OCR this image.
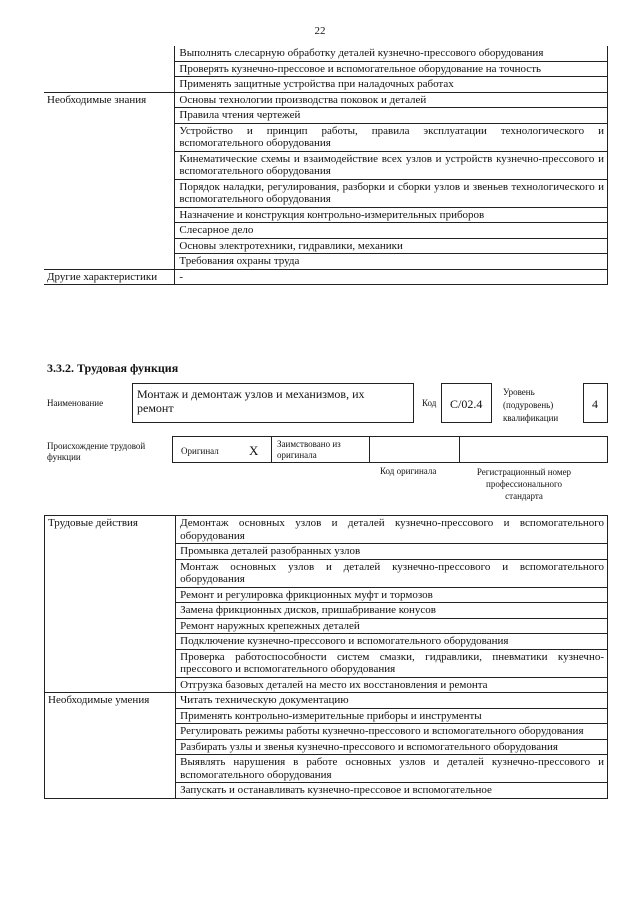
22
	Выполнять слесарную обработку деталей кузнечно-прессового оборудования
	Проверять кузнечно-прессовое и вспомогательное оборудование на точность
	Применять защитные устройства при наладочных работах
Необходимые знания	Основы технологии производства поковок и деталей
	Правила чтения чертежей
	Устройство и принцип работы, правила эксплуатации технологического и вспомогательного оборудования
	Кинематические схемы и взаимодействие всех узлов и устройств кузнечно-прессового и вспомогательного оборудования
	Порядок наладки, регулирования, разборки и сборки узлов и звеньев технологического и вспомогательного оборудования
	Назначение и конструкция контрольно-измерительных приборов
	Слесарное дело
	Основы электротехники, гидравлики, механики
	Требования охраны труда
Другие характеристики	-
3.3.2. Трудовая функция
Наименование
Монтаж и демонтаж узлов и механизмов, их ремонт	Код C/02.4
Уровень (подуровень) квалификации
4
Происхождение трудовой функции
Оригинал X Заимствовано из оригинала
Код оригинала	Регистрационный номер профессионального стандарта
Трудовые действия	Демонтаж основных узлов и деталей кузнечно-прессового и вспомогательного оборудования
	Промывка деталей разобранных узлов
	Монтаж основных узлов и деталей кузнечно-прессового и вспомогательного оборудования
	Ремонт и регулировка фрикционных муфт и тормозов
	Замена фрикционных дисков, пришабривание конусов
	Ремонт наружных крепежных деталей
	Подключение кузнечно-прессового и вспомогательного оборудования
	Проверка работоспособности систем смазки, гидравлики, пневматики кузнечно-прессового и вспомогательного оборудования
	Отгрузка базовых деталей на место их восстановления и ремонта
Необходимые умения	Читать техническую документацию
	Применять контрольно-измерительные приборы и инструменты
	Регулировать режимы работы кузнечно-прессового и вспомогательного оборудования
	Разбирать узлы и звенья кузнечно-прессового и вспомогательного оборудования
	Выявлять нарушения в работе основных узлов и деталей кузнечно-прессового и вспомогательного оборудования
	Запускать и останавливать кузнечно-прессовое и вспомогательное
